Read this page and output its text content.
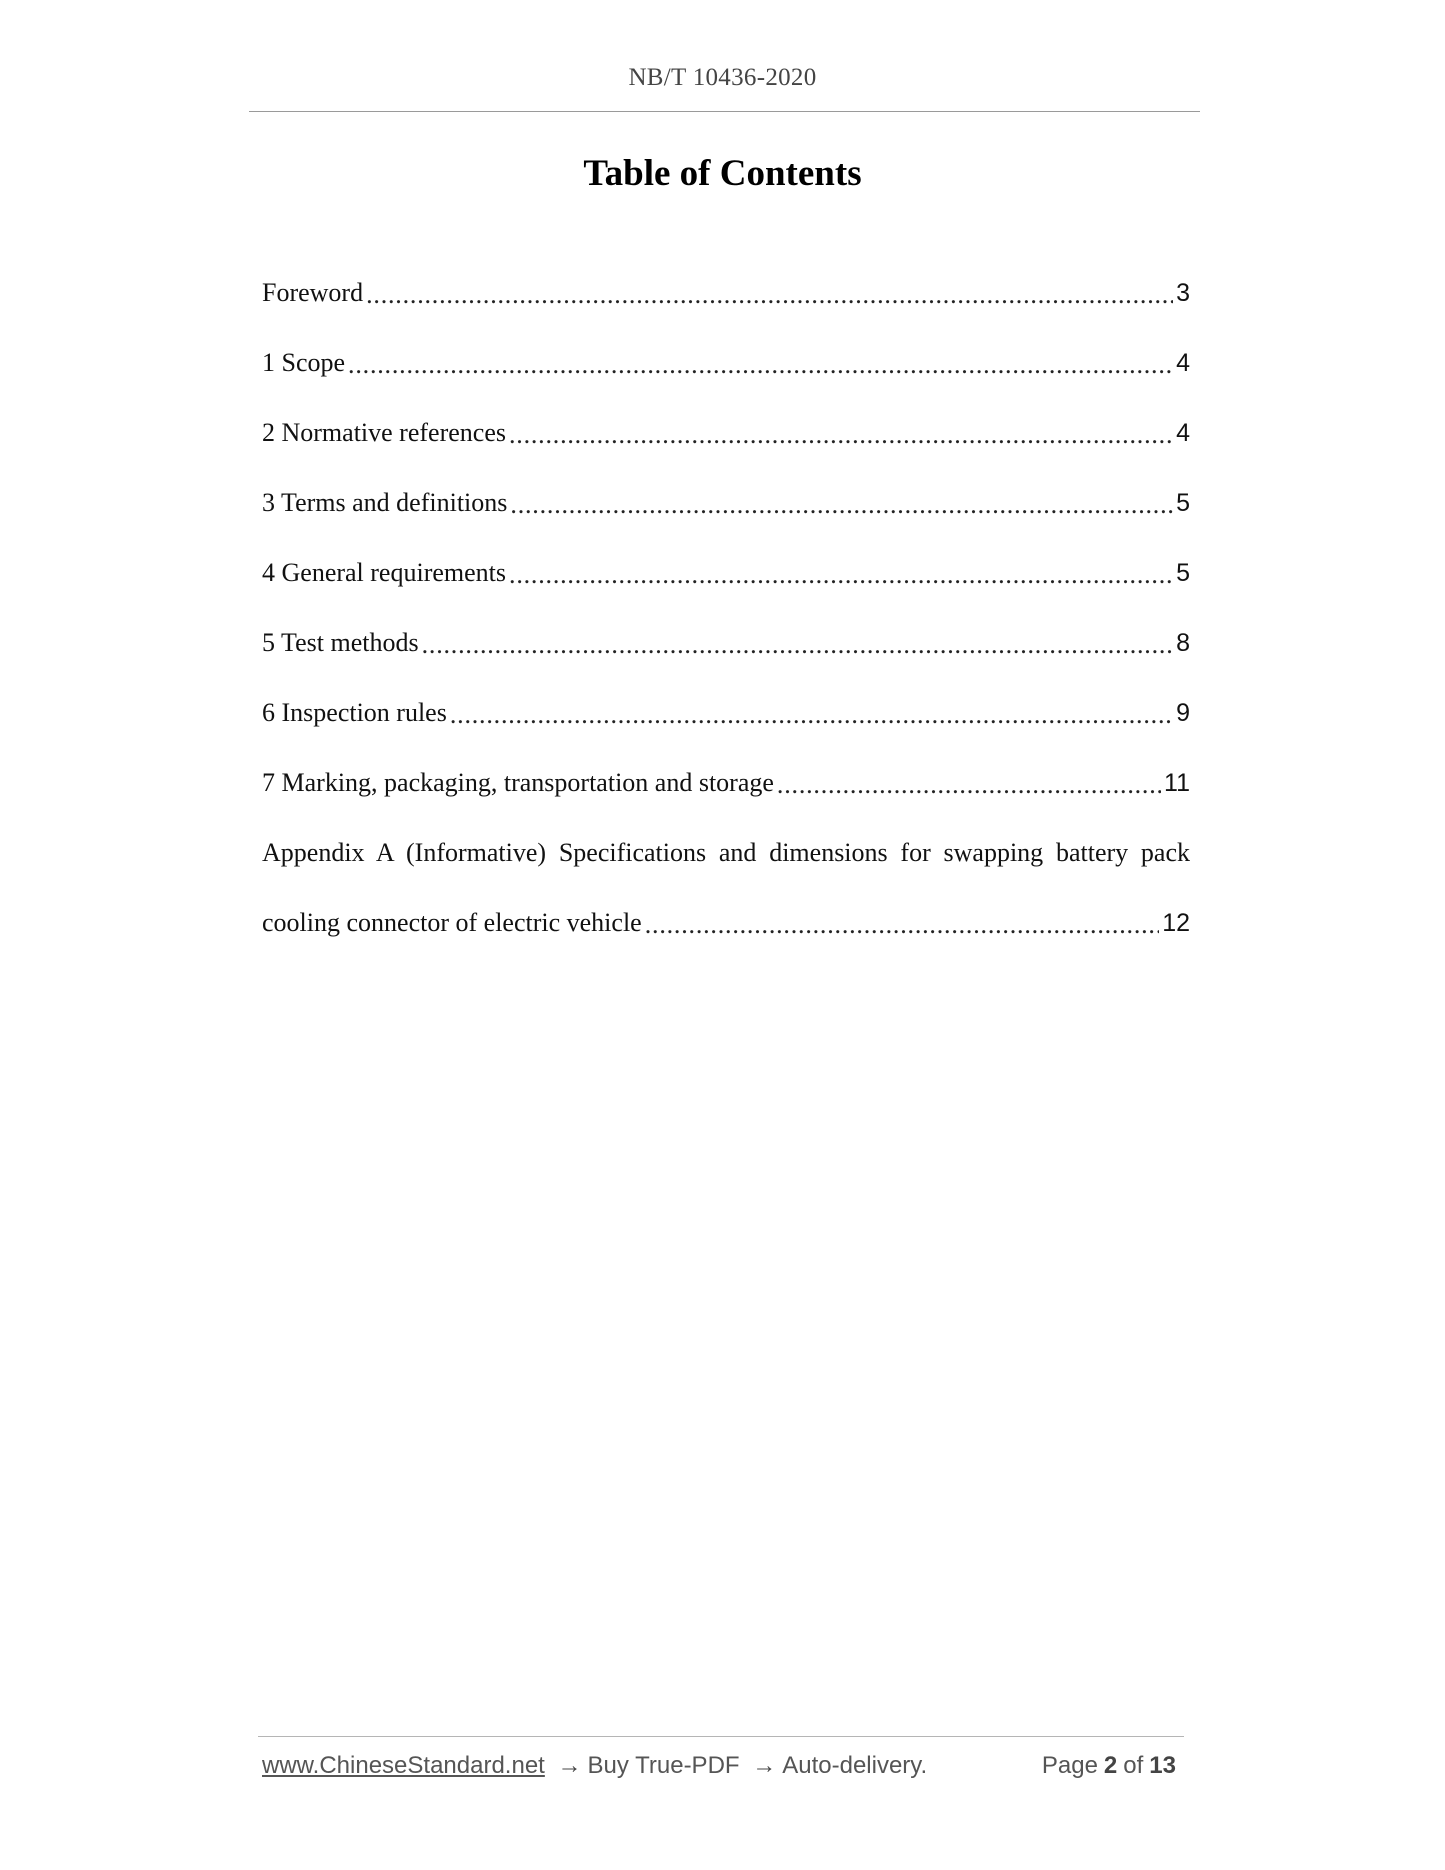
NB/T 10436-2020
Table of Contents
Foreword .....	3
1 Scope .....	4
2 Normative references .....	4
3 Terms and definitions .....	5
4 General requirements .....	5
5 Test methods .....	8
6 Inspection rules .....	9
7 Marking, packaging, transportation and storage .....	11
Appendix A (Informative) Specifications and dimensions for swapping battery pack
cooling connector of electric vehicle .....	12
www.ChineseStandard.net → Buy True-PDF → Auto-delivery.	Page 2 of 13
